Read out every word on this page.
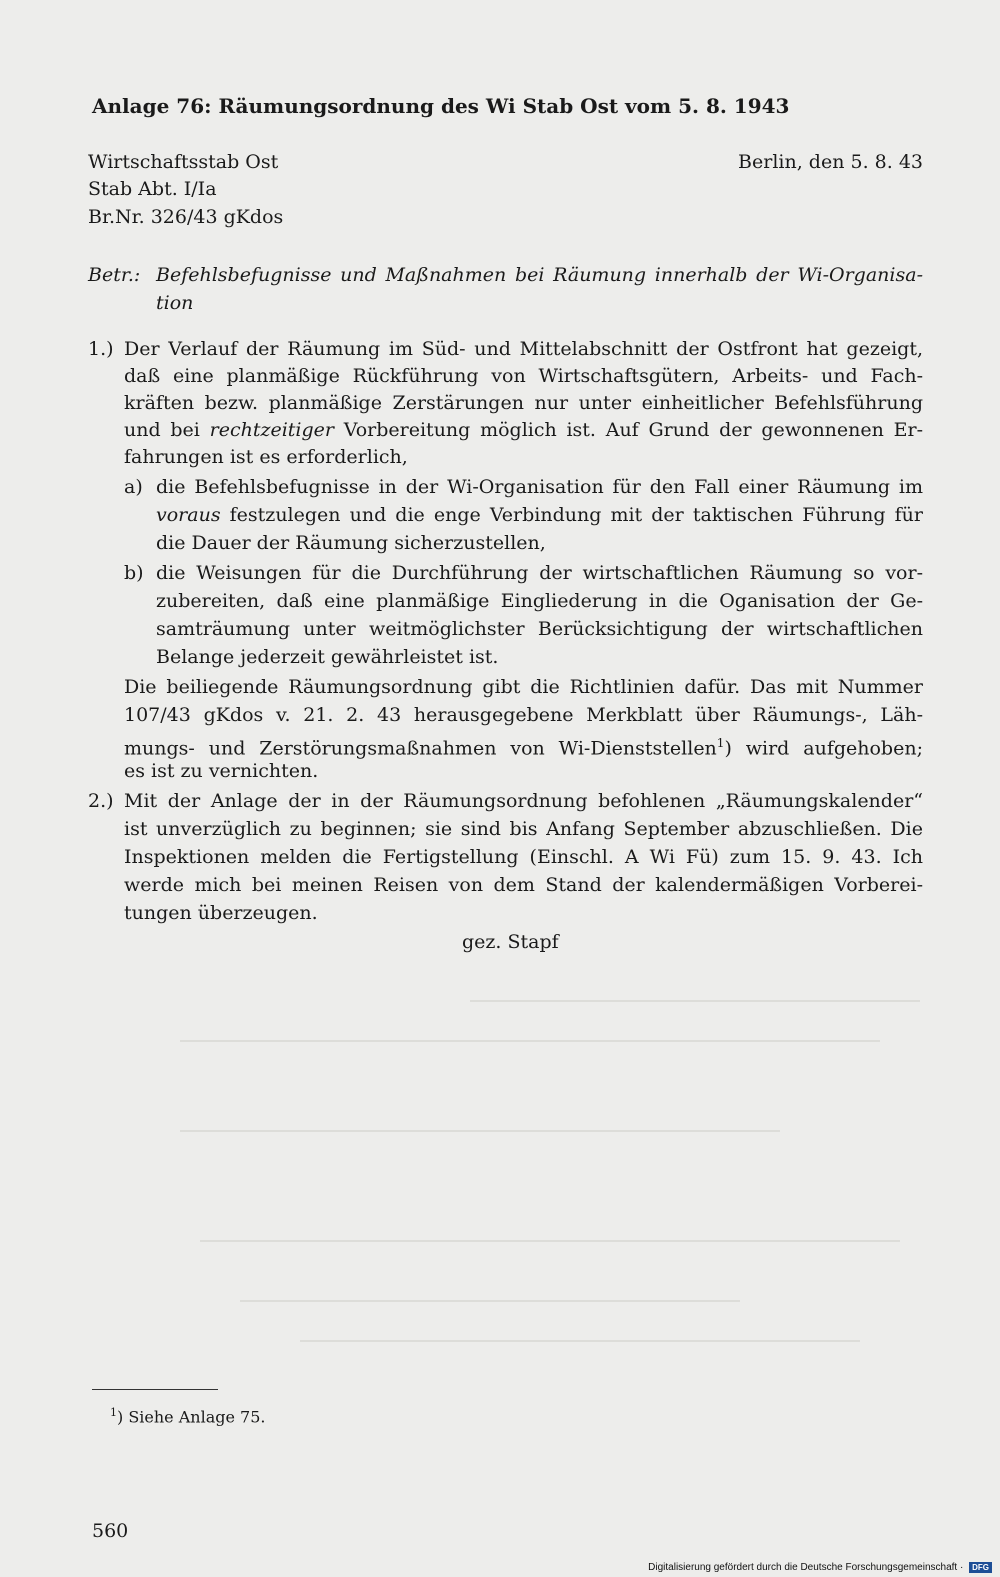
Anlage 76: Räumungsordnung des Wi Stab Ost vom 5. 8. 1943
Wirtschaftsstab Ost	Berlin, den 5. 8. 43
Stab Abt. I/Ia
Br.Nr. 326/43 gKdos
Betr.: Befehlsbefugnisse und Maßnahmen bei Räumung innerhalb der Wi-Organisa-
tion
1.) Der Verlauf der Räumung im Süd- und Mittelabschnitt der Ostfront hat gezeigt,
daß eine planmäßige Rückführung von Wirtschaftsgütern, Arbeits- und Fach-
kräften bezw. planmäßige Zerstärungen nur unter einheitlicher Befehlsführung
und bei rechtzeitiger Vorbereitung möglich ist. Auf Grund der gewonnenen Er-
fahrungen ist es erforderlich,
a) die Befehlsbefugnisse in der Wi-Organisation für den Fall einer Räumung im
voraus festzulegen und die enge Verbindung mit der taktischen Führung für
die Dauer der Räumung sicherzustellen,
b) die Weisungen für die Durchführung der wirtschaftlichen Räumung so vor-
zubereiten, daß eine planmäßige Eingliederung in die Oganisation der Ge-
samträumung unter weitmöglichster Berücksichtigung der wirtschaftlichen
Belange jederzeit gewährleistet ist.
Die beiliegende Räumungsordnung gibt die Richtlinien dafür. Das mit Nummer
107/43 gKdos v. 21. 2. 43 herausgegebene Merkblatt über Räumungs-, Läh-
mungs- und Zerstörungsmaßnahmen von Wi-Dienststellen$^1$) wird aufgehoben;
es ist zu vernichten.
2.) Mit der Anlage der in der Räumungsordnung befohlenen „Räumungskalender“
ist unverzüglich zu beginnen; sie sind bis Anfang September abzuschließen. Die
Inspektionen melden die Fertigstellung (Einschl. A Wi Fü) zum 15. 9. 43. Ich
werde mich bei meinen Reisen von dem Stand der kalendermäßigen Vorberei-
tungen überzeugen.
gez. Stapf
$^1$) Siehe Anlage 75.
560
Digitalisierung gefördert durch die Deutsche Forschungsgemeinschaft · DFG
